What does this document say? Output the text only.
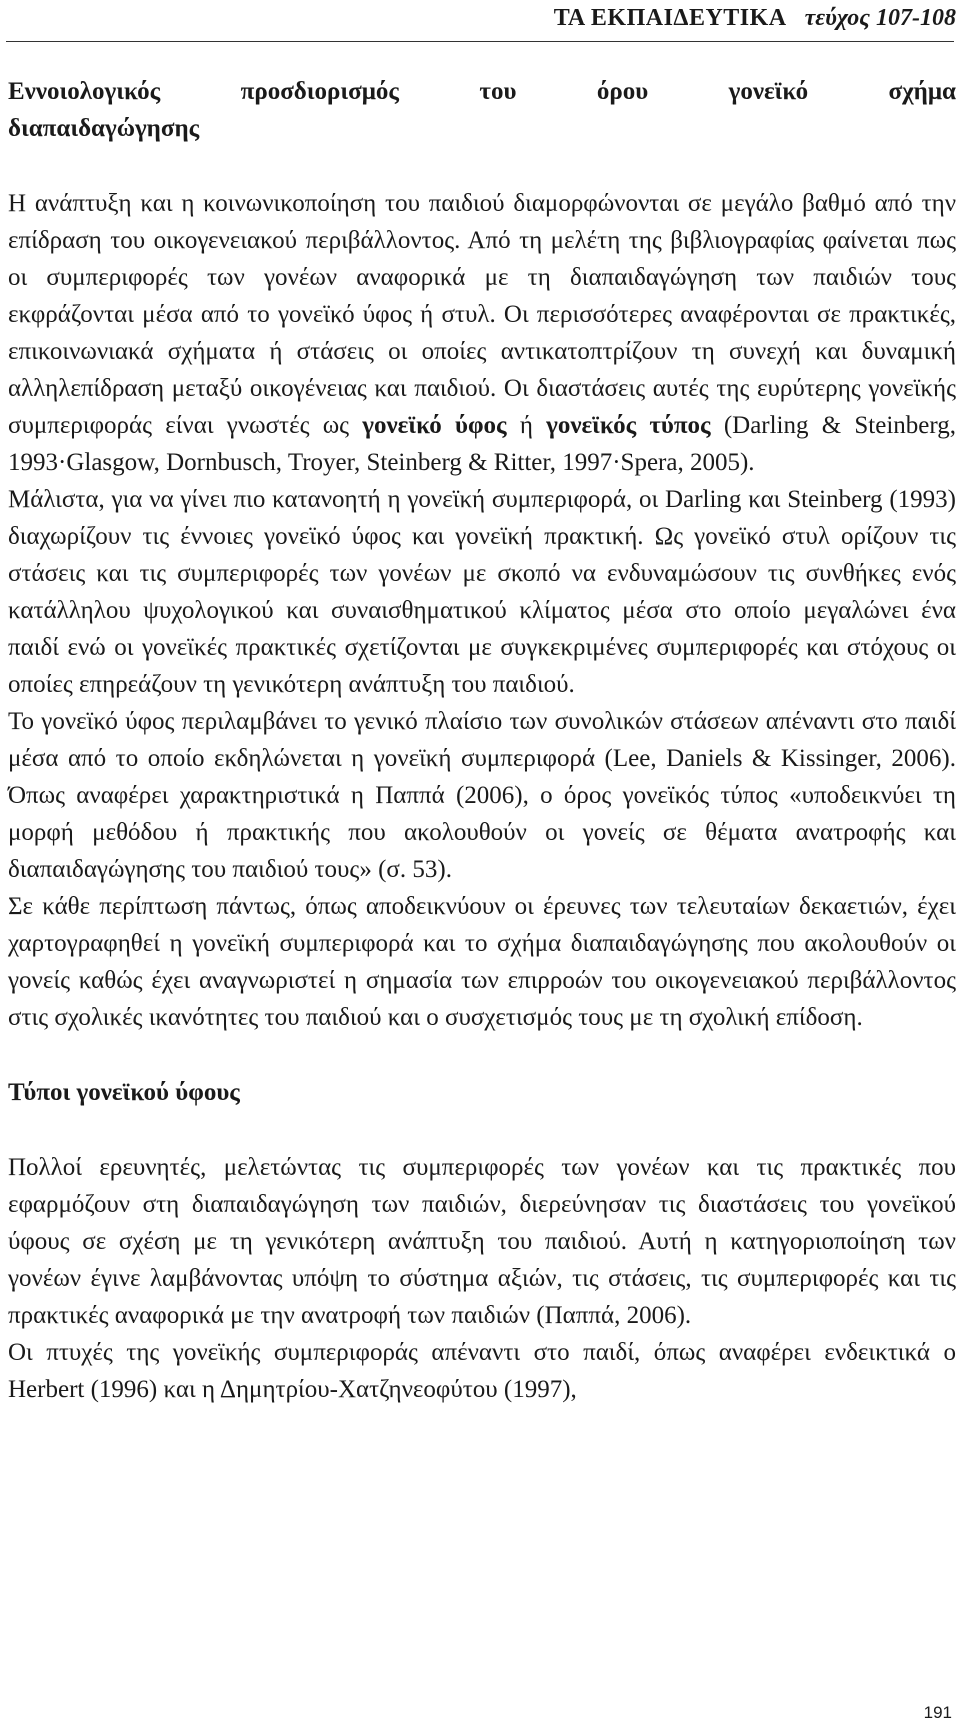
ΤΑ ΕΚΠΑΙΔΕΥΤΙΚΑ τεύχος 107-108

Εννοιολογικός προσδιορισμός του όρου γονεϊκό σχήμα

διαπαιδαγώγησης

Η ανάπτυξη και η κοινωνικοποίηση του παιδιού διαμορφώνονται σε μεγάλο βαθμό από την επίδραση του οικογενειακού περιβάλλοντος. Από τη μελέτη της βιβλιογραφίας φαίνεται πως οι συμπεριφορές των γονέων αναφορικά με τη διαπαιδαγώγηση των παιδιών τους εκφράζονται μέσα από το γονεϊκό ύφος ή στυλ. Οι περισσότερες αναφέρονται σε πρακτικές, επικοινωνιακά σχήματα ή στάσεις οι οποίες αντικατοπτρίζουν τη συνεχή και δυναμική αλληλεπίδραση μεταξύ οικογένειας και παιδιού. Οι διαστάσεις αυτές της ευρύτερης γονεϊκής συμπεριφοράς είναι γνωστές ως γονεϊκό ύφος ή γονεϊκός τύπος (Darling & Steinberg, 1993·Glasgow, Dornbusch, Troyer, Steinberg & Ritter, 1997·Spera, 2005).

Μάλιστα, για να γίνει πιο κατανοητή η γονεϊκή συμπεριφορά, οι Darling και Steinberg (1993) διαχωρίζουν τις έννοιες γονεϊκό ύφος και γονεϊκή πρακτική. Ως γονεϊκό στυλ ορίζουν τις στάσεις και τις συμπεριφορές των γονέων με σκοπό να ενδυναμώσουν τις συνθήκες ενός κατάλληλου ψυχολογικού και συναισθηματικού κλίματος μέσα στο οποίο μεγαλώνει ένα παιδί ενώ οι γονεϊκές πρακτικές σχετίζονται με συγκεκριμένες συμπεριφορές και στόχους οι οποίες επηρεάζουν τη γενικότερη ανάπτυξη του παιδιού.

Το γονεϊκό ύφος περιλαμβάνει το γενικό πλαίσιο των συνολικών στάσεων απέναντι στο παιδί μέσα από το οποίο εκδηλώνεται η γονεϊκή συμπεριφορά (Lee, Daniels & Kissinger, 2006). Όπως αναφέρει χαρακτηριστικά η Παππά (2006), ο όρος γονεϊκός τύπος «υποδεικνύει τη μορφή μεθόδου ή πρακτικής που ακολουθούν οι γονείς σε θέματα ανατροφής και διαπαιδαγώγησης του παιδιού τους» (σ. 53).

Σε κάθε περίπτωση πάντως, όπως αποδεικνύουν οι έρευνες των τελευταίων δεκαετιών, έχει χαρτογραφηθεί η γονεϊκή συμπεριφορά και το σχήμα διαπαιδαγώγησης που ακολουθούν οι γονείς καθώς έχει αναγνωριστεί η σημασία των επιρροών του οικογενειακού περιβάλλοντος στις σχολικές ικανότητες του παιδιού και ο συσχετισμός τους με τη σχολική επίδοση.

Τύποι γονεϊκού ύφους

Πολλοί ερευνητές, μελετώντας τις συμπεριφορές των γονέων και τις πρακτικές που εφαρμόζουν στη διαπαιδαγώγηση των παιδιών, διερεύνησαν τις διαστάσεις του γονεϊκού ύφους σε σχέση με τη γενικότερη ανάπτυξη του παιδιού. Αυτή η κατηγοριοποίηση των γονέων έγινε λαμβάνοντας υπόψη το σύστημα αξιών, τις στάσεις, τις συμπεριφορές και τις πρακτικές αναφορικά με την ανατροφή των παιδιών (Παππά, 2006).

Οι πτυχές της γονεϊκής συμπεριφοράς απέναντι στο παιδί, όπως αναφέρει ενδεικτικά ο Herbert (1996) και η Δημητρίου-Χατζηνεοφύτου (1997),

191
